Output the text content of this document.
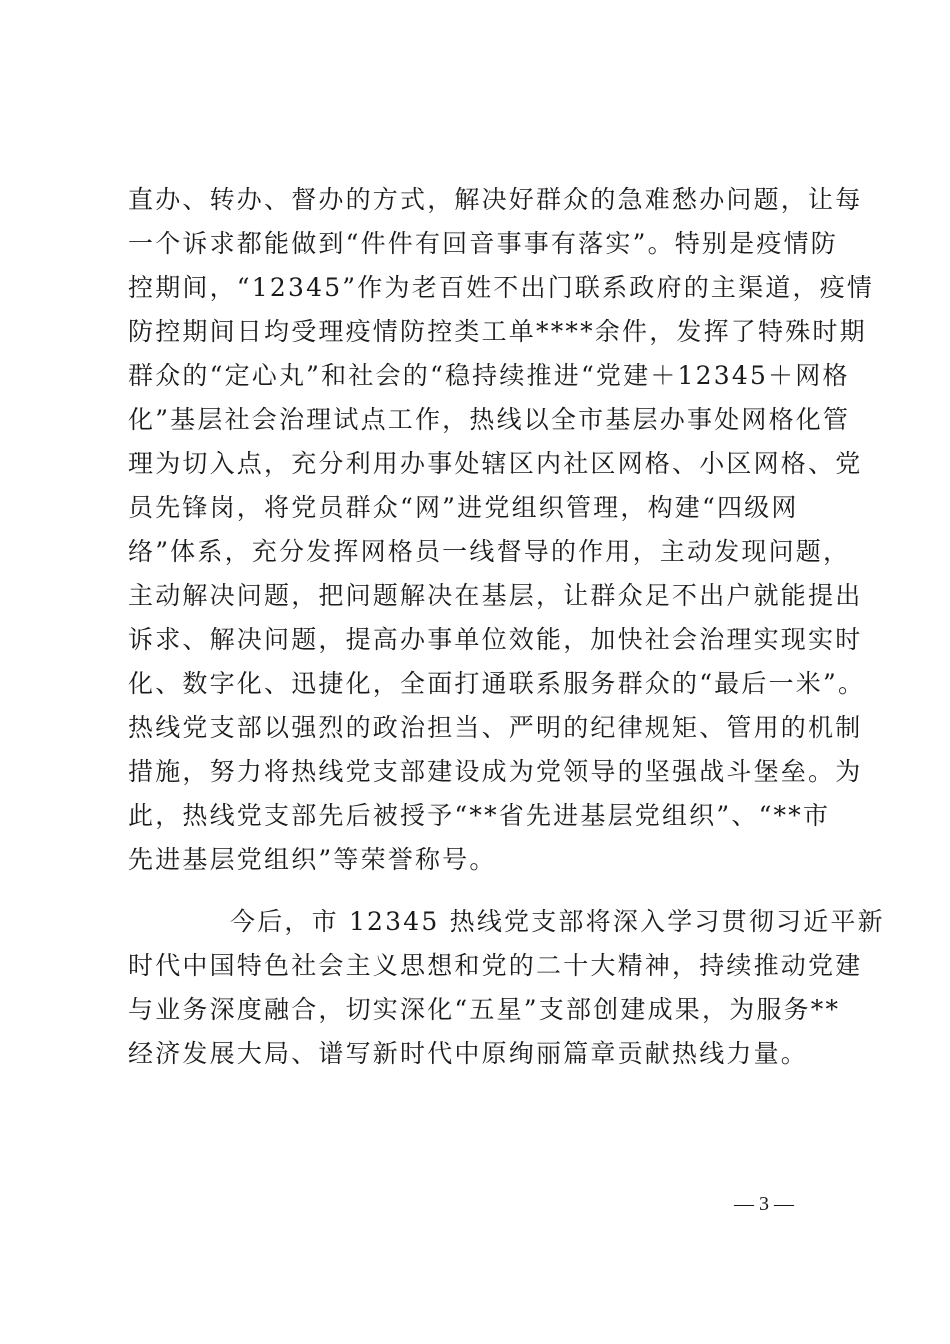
直办、转办、督办的方式，解决好群众的急难愁办问题，让每
一个诉求都能做到“件件有回音事事有落实”。特别是疫情防
控期间，“12345”作为老百姓不出门联系政府的主渠道，疫情
防控期间日均受理疫情防控类工单****余件，发挥了特殊时期
群众的“定心丸”和社会的“稳持续推进“党建＋12345＋网格
化”基层社会治理试点工作，热线以全市基层办事处网格化管
理为切入点，充分利用办事处辖区内社区网格、小区网格、党
员先锋岗，将党员群众“网”进党组织管理，构建“四级网
络”体系，充分发挥网格员一线督导的作用，主动发现问题，
主动解决问题，把问题解决在基层，让群众足不出户就能提出
诉求、解决问题，提高办事单位效能，加快社会治理实现实时
化、数字化、迅捷化，全面打通联系服务群众的“最后一米”。
热线党支部以强烈的政治担当、严明的纪律规矩、管用的机制
措施，努力将热线党支部建设成为党领导的坚强战斗堡垒。为
此，热线党支部先后被授予“**省先进基层党组织”、“**市
先进基层党组织”等荣誉称号。
今后，市 12345 热线党支部将深入学习贯彻习近平新
时代中国特色社会主义思想和党的二十大精神，持续推动党建
与业务深度融合，切实深化“五星”支部创建成果，为服务**
经济发展大局、谱写新时代中原绚丽篇章贡献热线力量。
— 3 —
